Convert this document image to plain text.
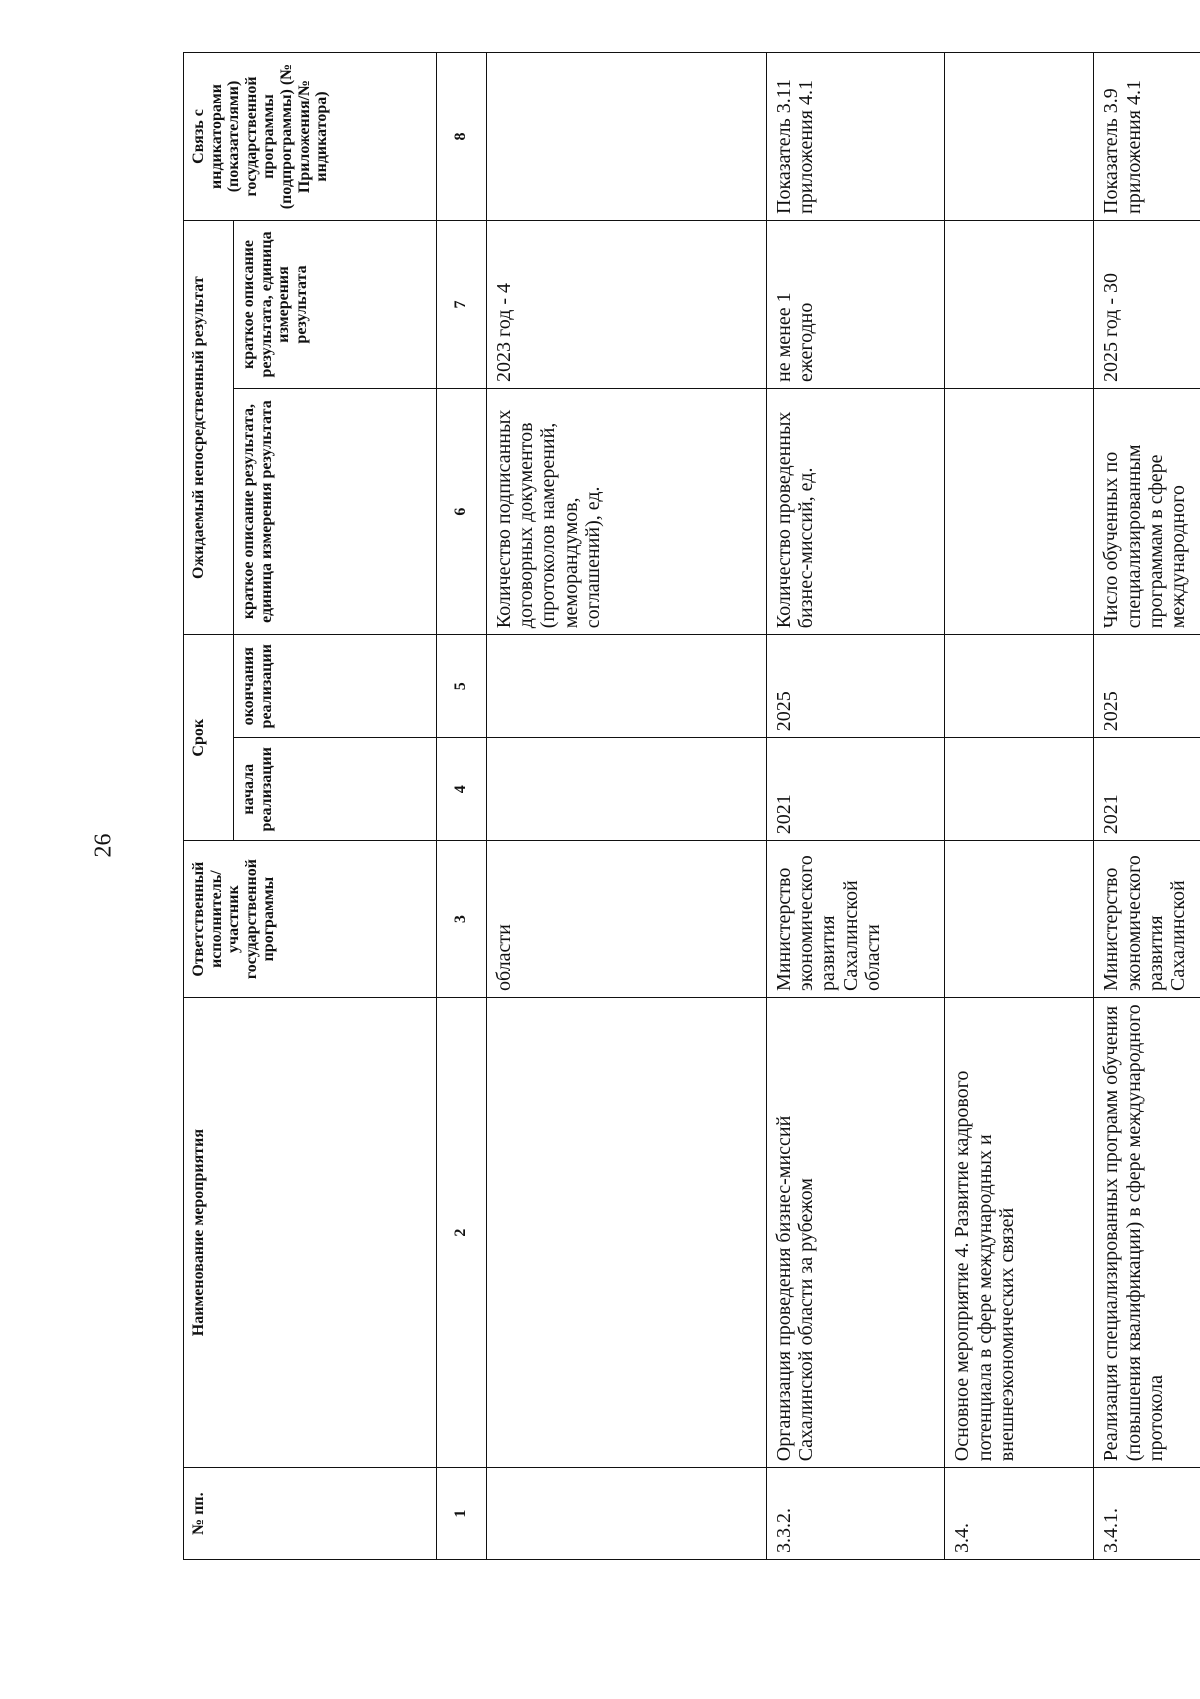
26
№ пп.	Наименование мероприятия	Ответственный исполнитель/участник государственной программы	Срок		Ожидаемый непосредственный результат		Связь с индикаторами (показателями) государственной программы (подпрограммы) (№ Приложения/№ индикатора)
			начала реализации	окончания реализации	краткое описание результата, единица измерения результата	краткое описание результата, единица измерения результата	
1	2	3	4	5	6	7	8
		области			Количество подписанных договорных документов (протоколов намерений, меморандумов, соглашений), ед.	2023 год - 4	
3.3.2.	Организация проведения бизнес-миссий Сахалинской области за рубежом	Министерство экономического развития Сахалинской области	2021	2025	Количество проведенных бизнес-миссий, ед.	не менее 1 ежегодно	Показатель 3.11 приложения 4.1
3.4.	Основное мероприятие 4. Развитие кадрового потенциала в сфере международных и внешнеэкономических связей						
3.4.1.	Реализация специализированных программ обучения (повышения квалификации) в сфере международного протокола	Министерство экономического развития Сахалинской	2021	2025	Число обученных по специализированным программам в сфере международного	2025 год - 30	Показатель 3.9 приложения 4.1
